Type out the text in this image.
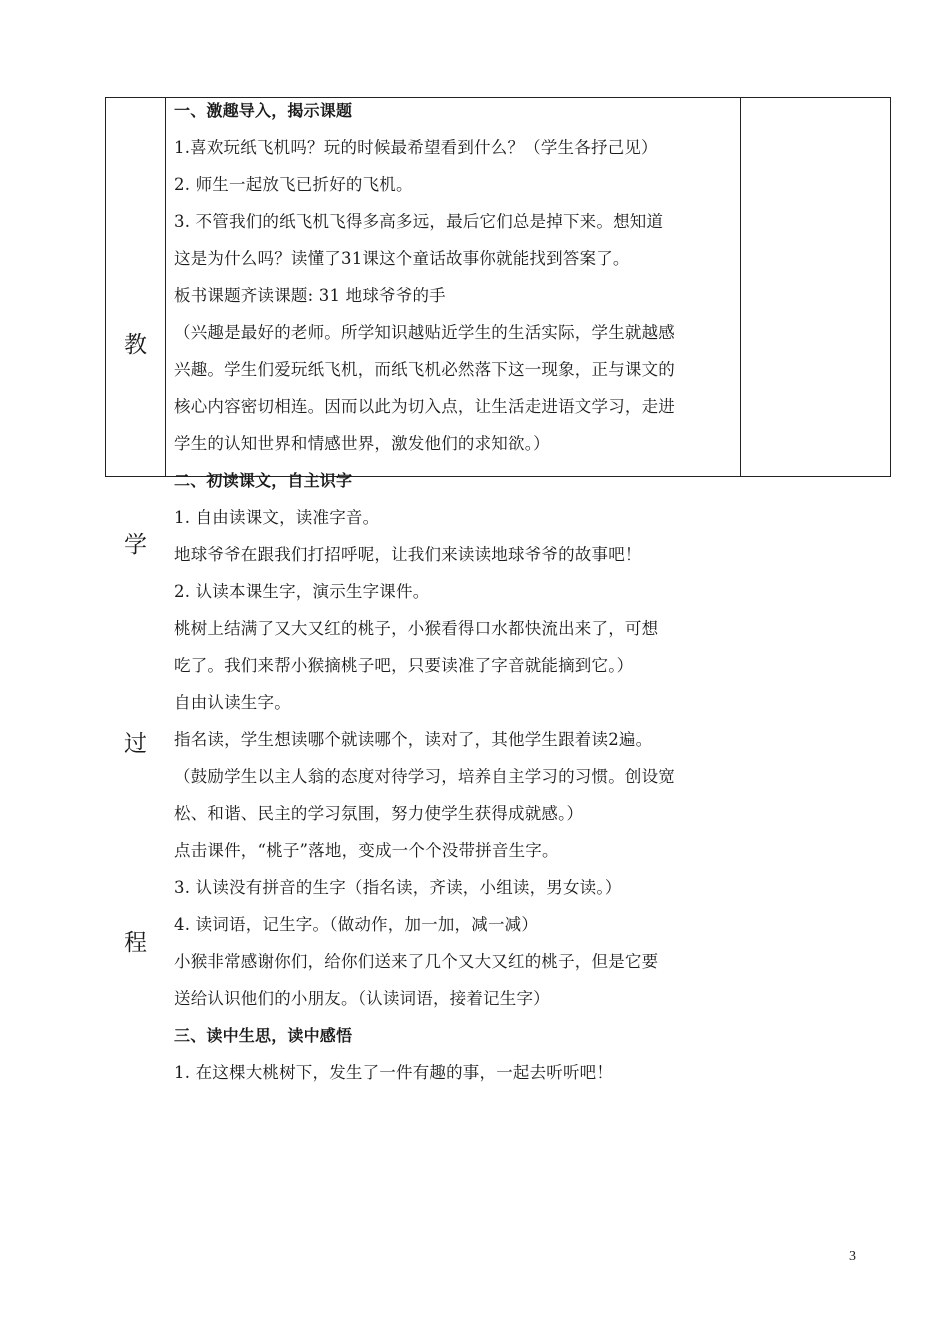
教
学
过
程
一、激趣导入，揭示课题
1.喜欢玩纸飞机吗？玩的时候最希望看到什么？（学生各抒己见）
2. 师生一起放飞已折好的飞机。
3. 不管我们的纸飞机飞得多高多远，最后它们总是掉下来。想知道
这是为什么吗？读懂了31课这个童话故事你就能找到答案了。
板书课题齐读课题: 31 地球爷爷的手
（兴趣是最好的老师。所学知识越贴近学生的生活实际，学生就越感
兴趣。学生们爱玩纸飞机，而纸飞机必然落下这一现象，正与课文的
核心内容密切相连。因而以此为切入点，让生活走进语文学习，走进
学生的认知世界和情感世界，激发他们的求知欲。）
二、初读课文，自主识字
1. 自由读课文，读准字音。
地球爷爷在跟我们打招呼呢，让我们来读读地球爷爷的故事吧！
2. 认读本课生字，演示生字课件。
桃树上结满了又大又红的桃子，小猴看得口水都快流出来了，可想
吃了。我们来帮小猴摘桃子吧，只要读准了字音就能摘到它。）
自由认读生字。
指名读，学生想读哪个就读哪个，读对了，其他学生跟着读2遍。
（鼓励学生以主人翁的态度对待学习，培养自主学习的习惯。创设宽
松、和谐、民主的学习氛围，努力使学生获得成就感。）
点击课件，“桃子”落地，变成一个个没带拼音生字。
3. 认读没有拼音的生字（指名读，齐读，小组读，男女读。）
4. 读词语，记生字。（做动作，加一加，减一减）
小猴非常感谢你们，给你们送来了几个又大又红的桃子，但是它要
送给认识他们的小朋友。（认读词语，接着记生字）
三、读中生思，读中感悟
1. 在这棵大桃树下，发生了一件有趣的事，一起去听听吧！
3
